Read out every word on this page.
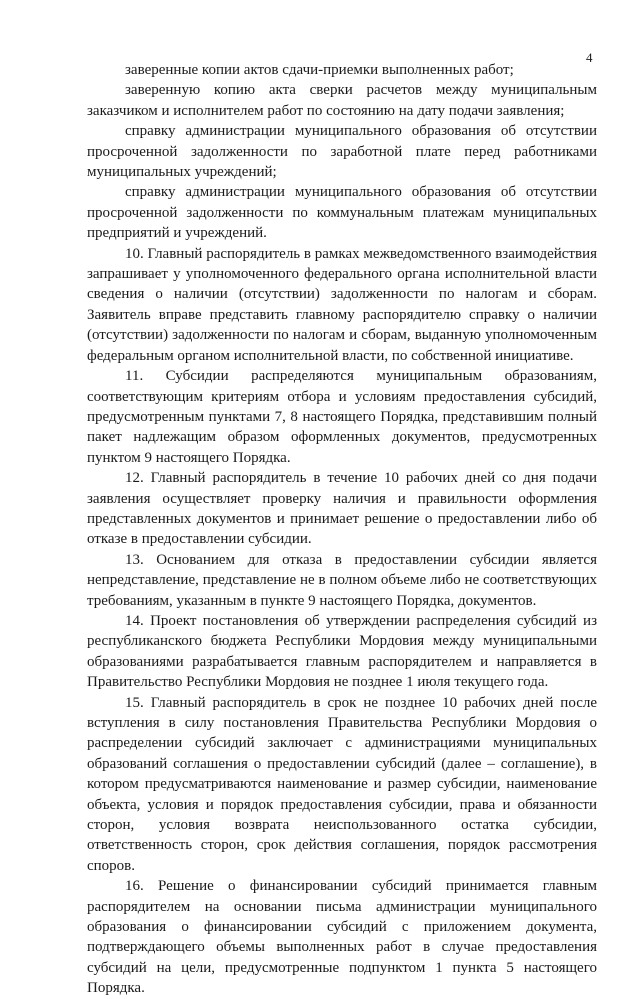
4

заверенные копии актов сдачи-приемки выполненных работ;

заверенную копию акта сверки расчетов между муниципальным заказчиком и исполнителем работ по состоянию на дату подачи заявления;

справку администрации муниципального образования об отсутствии просроченной задолженности по заработной плате перед работниками муниципальных учреждений;

справку администрации муниципального образования об отсутствии просроченной задолженности по коммунальным платежам муниципальных предприятий и учреждений.

10. Главный распорядитель в рамках межведомственного взаимодействия запрашивает у уполномоченного федерального органа исполнительной власти сведения о наличии (отсутствии) задолженности по налогам и сборам. Заявитель вправе представить главному распорядителю справку о наличии (отсутствии) задолженности по налогам и сборам, выданную уполномоченным федеральным органом исполнительной власти, по собственной инициативе.

11. Субсидии распределяются муниципальным образованиям, соответствующим критериям отбора и условиям предоставления субсидий, предусмотренным пунктами 7, 8 настоящего Порядка, представившим полный пакет надлежащим образом оформленных документов, предусмотренных пунктом 9 настоящего Порядка.

12. Главный распорядитель в течение 10 рабочих дней со дня подачи заявления осуществляет проверку наличия и правильности оформления представленных документов и принимает решение о предоставлении либо об отказе в предоставлении субсидии.

13. Основанием для отказа в предоставлении субсидии является непредставление, представление не в полном объеме либо не соответствующих требованиям, указанным в пункте 9 настоящего Порядка, документов.

14. Проект постановления об утверждении распределения субсидий из республиканского бюджета Республики Мордовия между муниципальными образованиями разрабатывается главным распорядителем и направляется в Правительство Республики Мордовия не позднее 1 июля текущего года.

15. Главный распорядитель в срок не позднее 10 рабочих дней после вступления в силу постановления Правительства Республики Мордовия о распределении субсидий заключает с администрациями муниципальных образований соглашения о предоставлении субсидий (далее – соглашение), в котором предусматриваются наименование и размер субсидии, наименование объекта, условия и порядок предоставления субсидии, права и обязанности сторон, условия возврата неиспользованного остатка субсидии, ответственность сторон, срок действия соглашения, порядок рассмотрения споров.

16. Решение о финансировании субсидий принимается главным распорядителем на основании письма администрации муниципального образования о финансировании субсидий с приложением документа, подтверждающего объемы выполненных работ в случае предоставления субсидий на цели, предусмотренные подпунктом 1 пункта 5 настоящего Порядка.
